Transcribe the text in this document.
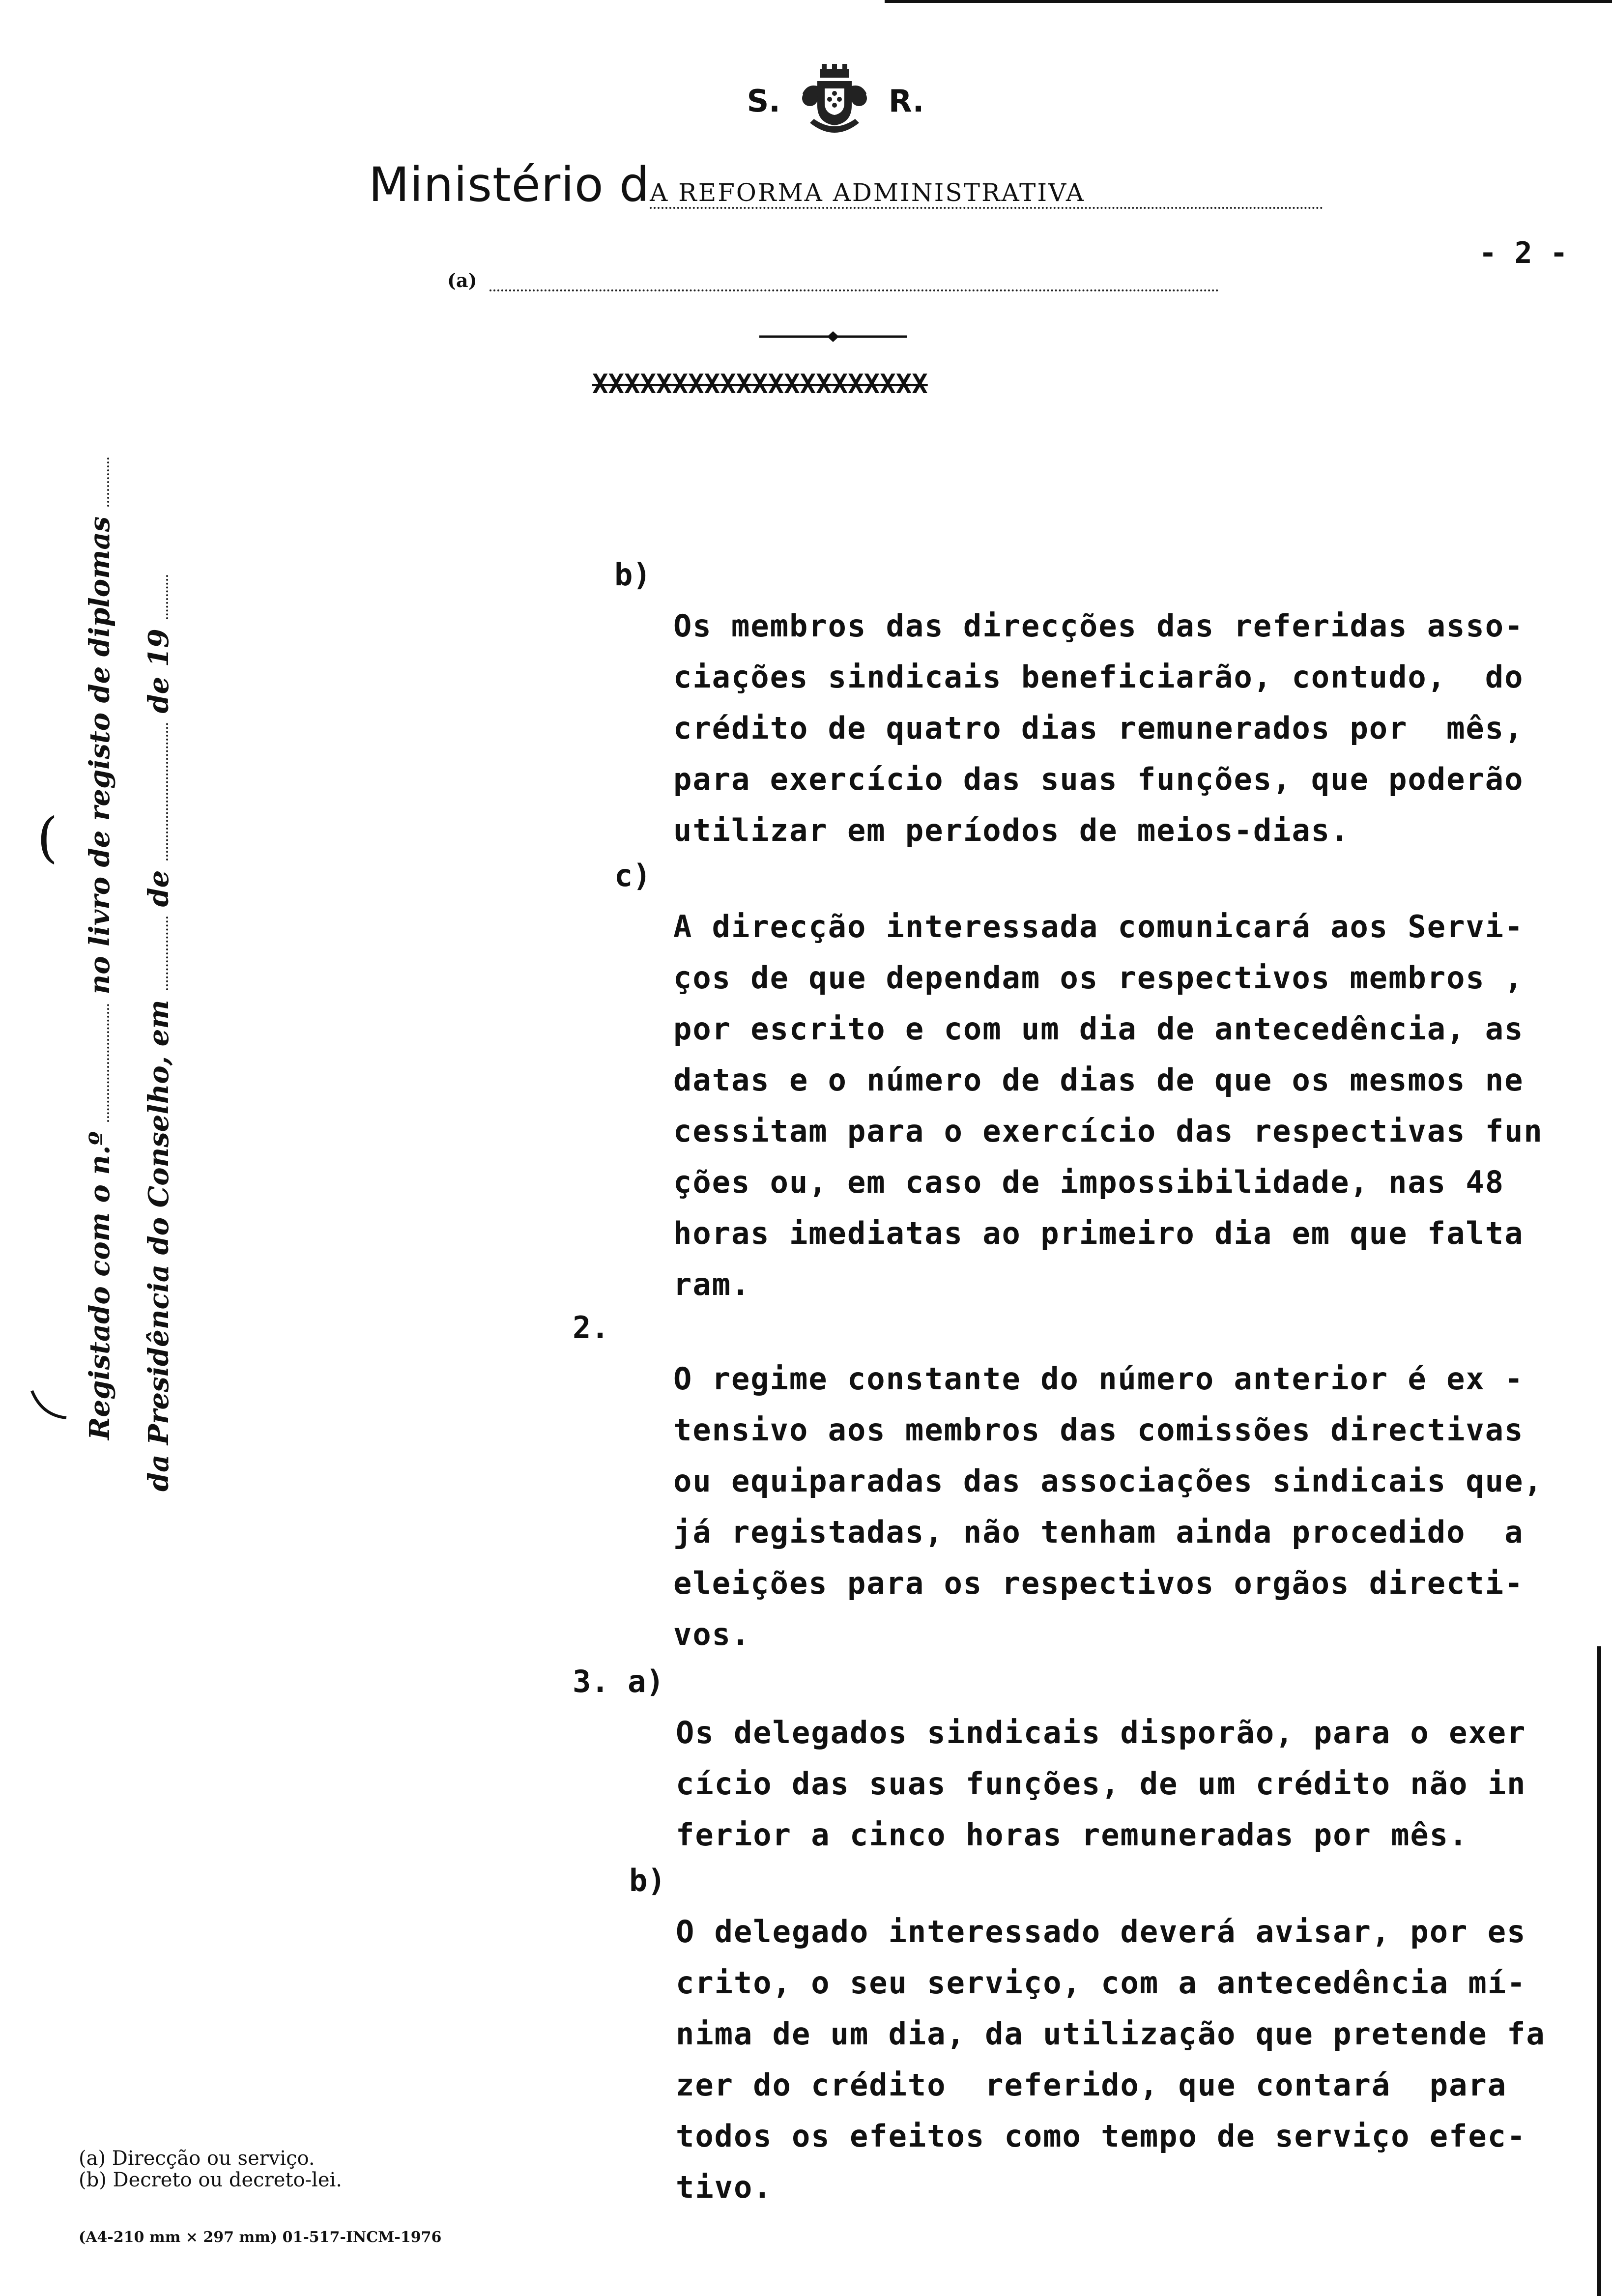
S.	R.
Ministério dA REFORMA ADMINISTRATIVA
- 2 -
(a)
XXXXXXXXXXXXXXXXXXXXX
Registado com o n.º  no livro de registo de diplomas
da Presidência do Conselho, em  de  de 19
(
b)

Os membros das direcções das referidas asso-
ciações sindicais beneficiarão, contudo,  do
crédito de quatro dias remunerados por  mês,
para exercício das suas funções, que poderão
utilizar em períodos de meios-dias.

c)

A direcção interessada comunicará aos Servi-
ços de que dependam os respectivos membros ,
por escrito e com um dia de antecedência, as
datas e o número de dias de que os mesmos ne
cessitam para o exercício das respectivas fun
ções ou, em caso de impossibilidade, nas 48
horas imediatas ao primeiro dia em que falta
ram.

2.

O regime constante do número anterior é ex -
tensivo aos membros das comissões directivas
ou equiparadas das associações sindicais que,
já registadas, não tenham ainda procedido  a
eleições para os respectivos orgãos directi-
vos.

3. a)

Os delegados sindicais disporão, para o exer
cício das suas funções, de um crédito não in
ferior a cinco horas remuneradas por mês.

b)

O delegado interessado deverá avisar, por es
crito, o seu serviço, com a antecedência mí-
nima de um dia, da utilização que pretende fa
zer do crédito  referido, que contará  para
todos os efeitos como tempo de serviço efec-
tivo.

(a) Direcção ou serviço.
(b) Decreto ou decreto-lei.
(A4-210 mm × 297 mm) 01-517-INCM-1976
